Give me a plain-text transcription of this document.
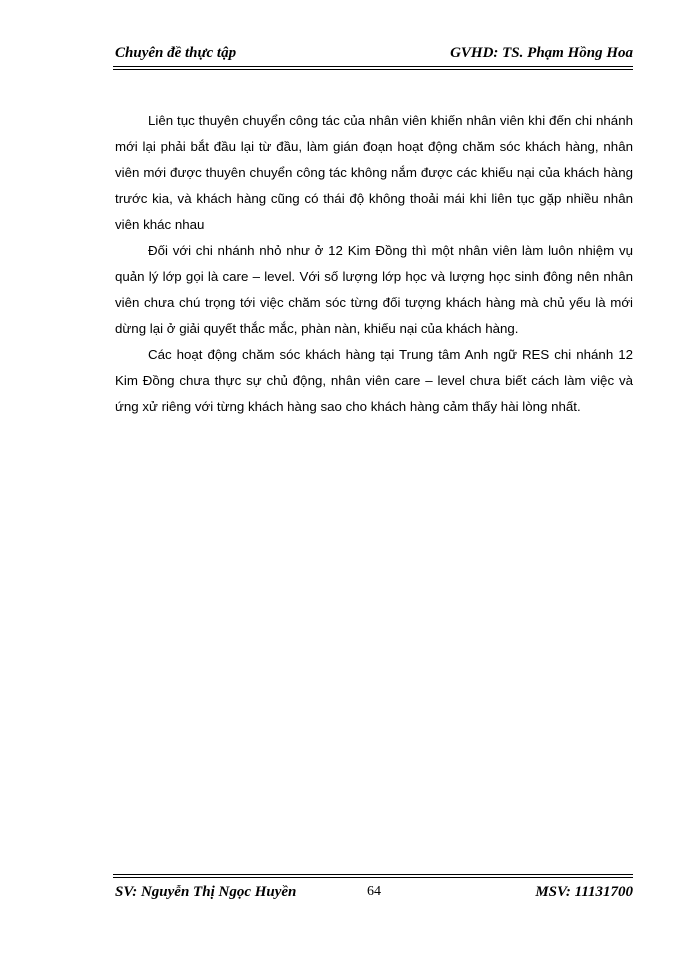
Chuyên đề thực tập	GVHD: TS. Phạm Hồng Hoa

Liên tục thuyên chuyển công tác của nhân viên khiến nhân viên khi đến chi nhánh mới lại phải bắt đầu lại từ đầu, làm gián đoạn hoạt động chăm sóc khách hàng, nhân viên mới được thuyên chuyển công tác không nắm được các khiếu nại của khách hàng trước kia, và khách hàng cũng có thái độ không thoải mái khi liên tục gặp nhiều nhân viên khác nhau

Đối với chi nhánh nhỏ như ở 12 Kim Đồng thì một nhân viên làm luôn nhiệm vụ quản lý lớp gọi là care – level. Với số lượng lớp học và lượng học sinh đông nên nhân viên chưa chú trọng tới việc chăm sóc từng đối tượng khách hàng mà chủ yếu là mới dừng lại ở giải quyết thắc mắc, phàn nàn, khiếu nại của khách hàng.

Các hoạt động chăm sóc khách hàng tại Trung tâm Anh ngữ RES chi nhánh 12 Kim Đồng chưa thực sự chủ động, nhân viên care – level chưa biết cách làm việc và ứng xử riêng với từng khách hàng sao cho khách hàng cảm thấy hài lòng nhất.

SV: Nguyễn Thị Ngọc Huyền	64	MSV: 11131700
